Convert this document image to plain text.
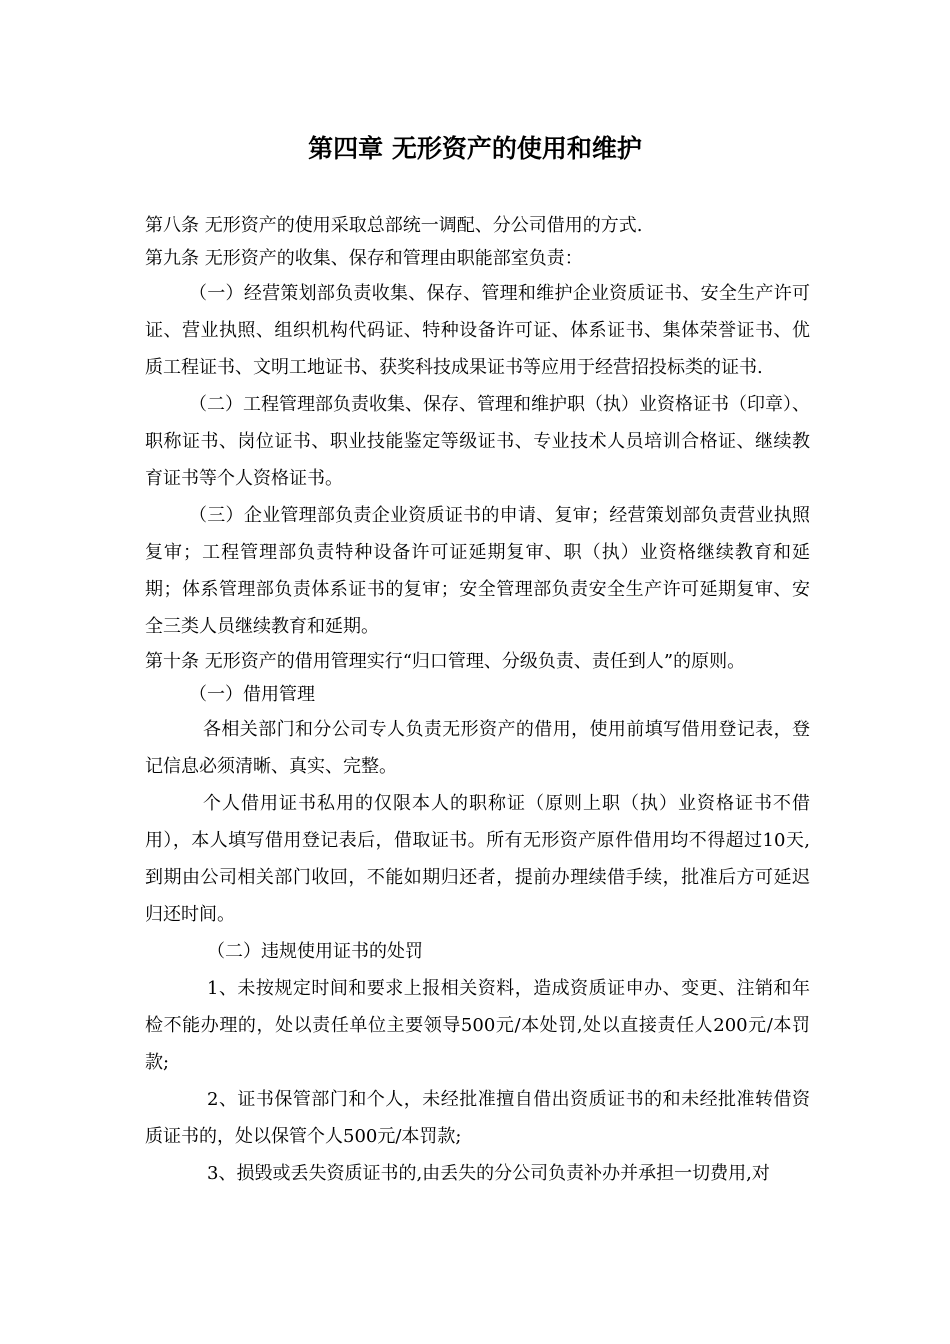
第四章 无形资产的使用和维护

第八条 无形资产的使用采取总部统一调配、分公司借用的方式.

第九条 无形资产的收集、保存和管理由职能部室负责：

（一）经营策划部负责收集、保存、管理和维护企业资质证书、安全生产许可证、营业执照、组织机构代码证、特种设备许可证、体系证书、集体荣誉证书、优质工程证书、文明工地证书、获奖科技成果证书等应用于经营招投标类的证书.

（二）工程管理部负责收集、保存、管理和维护职（执）业资格证书（印章）、职称证书、岗位证书、职业技能鉴定等级证书、专业技术人员培训合格证、继续教育证书等个人资格证书。

（三）企业管理部负责企业资质证书的申请、复审；经营策划部负责营业执照复审；工程管理部负责特种设备许可证延期复审、职（执）业资格继续教育和延期；体系管理部负责体系证书的复审；安全管理部负责安全生产许可延期复审、安全三类人员继续教育和延期。

第十条 无形资产的借用管理实行“归口管理、分级负责、责任到人”的原则。

（一）借用管理

各相关部门和分公司专人负责无形资产的借用，使用前填写借用登记表，登记信息必须清晰、真实、完整。

个人借用证书私用的仅限本人的职称证（原则上职（执）业资格证书不借用），本人填写借用登记表后，借取证书。所有无形资产原件借用均不得超过10天,到期由公司相关部门收回，不能如期归还者，提前办理续借手续，批准后方可延迟归还时间。

（二）违规使用证书的处罚

1、未按规定时间和要求上报相关资料，造成资质证申办、变更、注销和年检不能办理的，处以责任单位主要领导500元/本处罚,处以直接责任人200元/本罚款;

2、证书保管部门和个人，未经批准擅自借出资质证书的和未经批准转借资质证书的，处以保管个人500元/本罚款;

3、损毁或丢失资质证书的,由丢失的分公司负责补办并承担一切费用,对
